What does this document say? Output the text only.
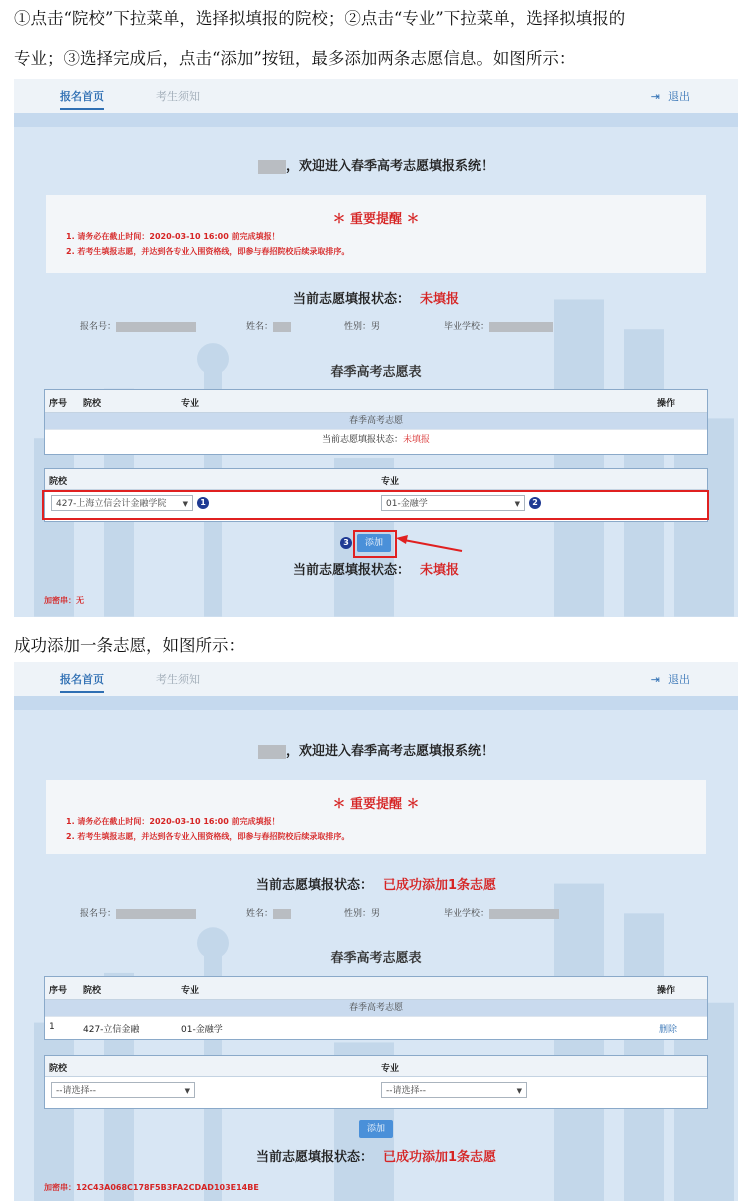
①点击“院校”下拉菜单，选择拟填报的院校；②点击“专业”下拉菜单，选择拟填报的
专业；③选择完成后，点击“添加”按钮，最多添加两条志愿信息。如图所示：
报名首页	考生须知	⇥ 退出
，欢迎进入春季高考志愿填报系统！
＊ 重要提醒 ＊
1. 请务必在截止时间：2020-03-10 16:00 前完成填报！
2. 若考生填报志愿，并达到各专业入围资格线，即参与春招院校后续录取排序。
当前志愿填报状态： 未填报
报名号：	姓名：	性别：男	毕业学校：
春季高考志愿表
序号 院校	专业	操作
春季高考志愿
当前志愿填报状态：未填报
院校	专业
427-上海立信会计金融学院 ▼	01-金融学	▼
1	2
3	添加
当前志愿填报状态： 未填报
加密串：无
成功添加一条志愿，如图所示：
报名首页	考生须知	⇥ 退出
，欢迎进入春季高考志愿填报系统！
＊ 重要提醒 ＊
1. 请务必在截止时间：2020-03-10 16:00 前完成填报！
2. 若考生填报志愿，并达到各专业入围资格线，即参与春招院校后续录取排序。
当前志愿填报状态： 已成功添加1条志愿
报名号：	姓名：	性别：男	毕业学校：
春季高考志愿表
序号 院校	专业	操作
春季高考志愿
1	427-立信金融	01-金融学	删除
院校	专业
--请选择--	▼	--请选择--	▼
添加
当前志愿填报状态： 已成功添加1条志愿
加密串：12C43A068C178F5B3FA2CDAD103E14BE
